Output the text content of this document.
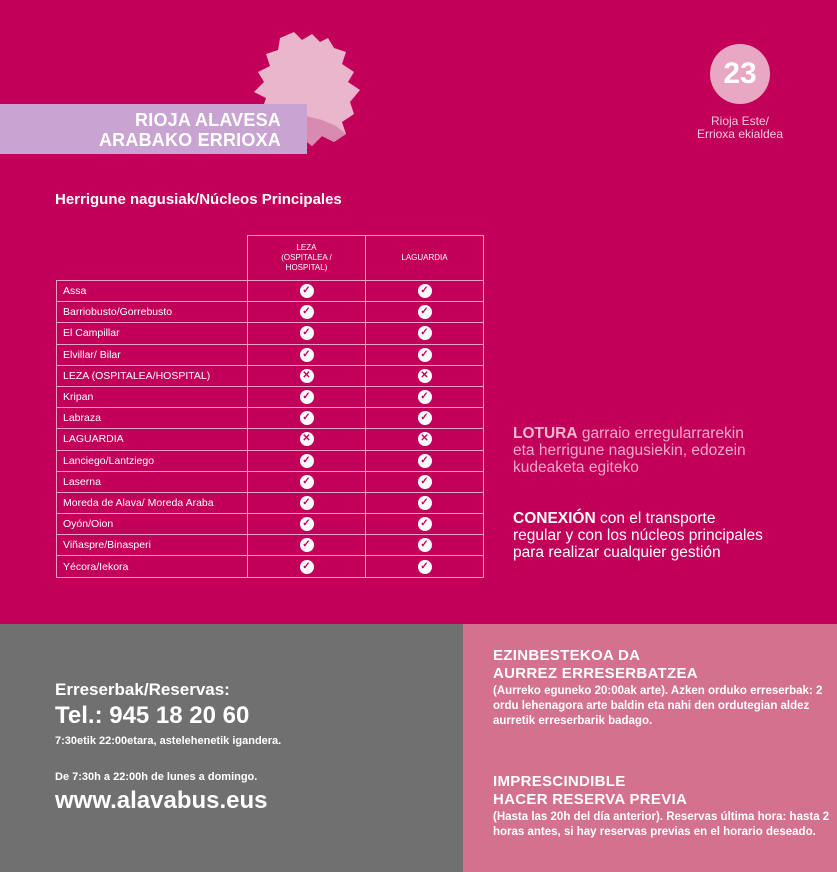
RIOJA ALAVESA
ARABAKO ERRIOXA
23
Rioja Este/
Errioxa ekialdea
Herrigune nagusiak/Núcleos Principales

	LEZA
(OSPITALEA /
HOSPITAL)	LAGUARDIA
Assa	✓	✓
Barriobusto/Gorrebusto	✓	✓
El Campillar	✓	✓
Elvillar/ Bilar	✓	✓
LEZA (OSPITALEA/HOSPITAL)	✕	✕
Kripan	✓	✓
Labraza	✓	✓
LAGUARDIA	✕	✕
Lanciego/Lantziego	✓	✓
Laserna	✓	✓
Moreda de Alava/ Moreda Araba	✓	✓
Oyón/Oion	✓	✓
Viñaspre/Binasperi	✓	✓
Yécora/Iekora	✓	✓
LOTURA garraio erregularrarekin eta herrigune nagusiekin, edozein kudeaketa egiteko
CONEXIÓN con el transporte regular y con los núcleos principales para realizar cualquier gestión
Erreserbak/Reservas:
Tel.: 945 18 20 60
7:30etik 22:00etara, astelehenetik igandera.
De 7:30h a 22:00h de lunes a domingo.
www.alavabus.eus
EZINBESTEKOA DA
AURREZ ERRESERBATZEA

(Aurreko eguneko 20:00ak arte). Azken orduko erreserbak: 2 ordu lehenagora arte baldin eta nahi den ordutegian aldez aurretik erreserbarik badago.

IMPRESCINDIBLE
HACER RESERVA PREVIA

(Hasta las 20h del día anterior). Reservas última hora: hasta 2 horas antes, si hay reservas previas en el horario deseado.
